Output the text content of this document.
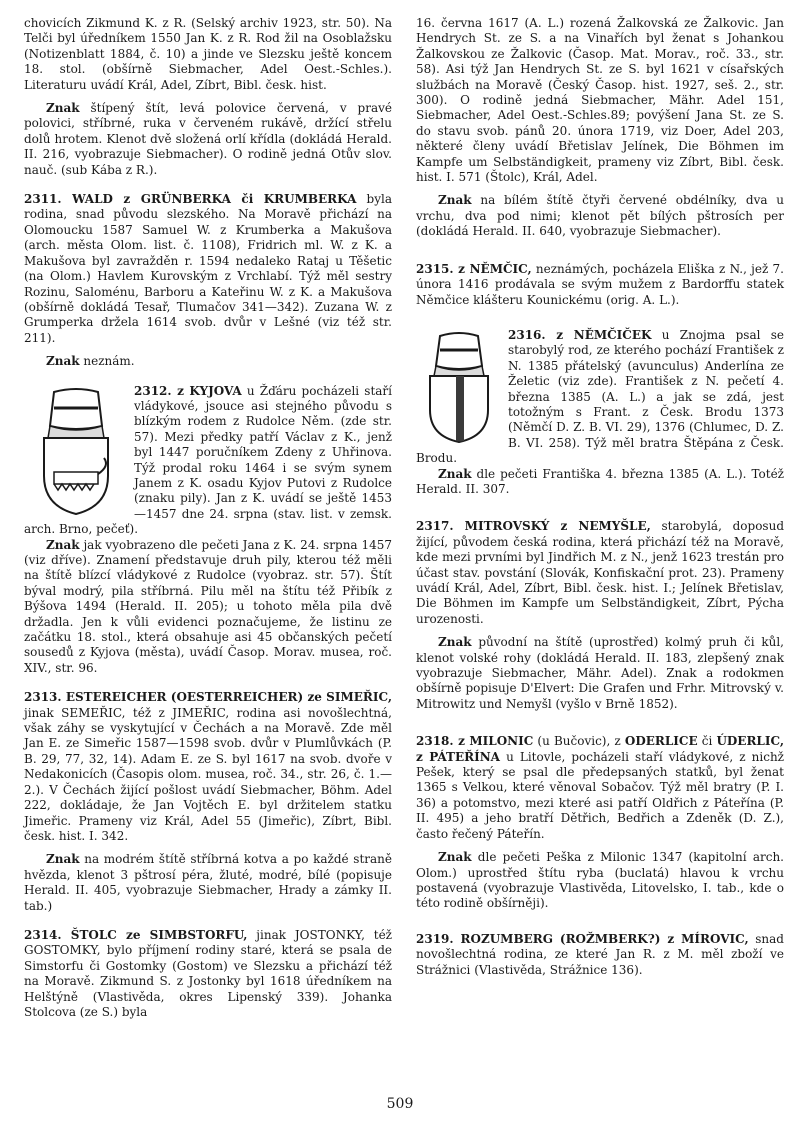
chovicích Zikmund K. z R. (Selský archiv 1923, str. 50). Na Telči byl úředníkem 1550 Jan K. z R. Rod žil na Osoblažsku (Notizenblatt 1884, č. 10) a jinde ve Slezsku ještě koncem 18. stol. (obšírně Siebmacher, Adel Oest.-Schles.). Literaturu uvádí Král, Adel, Zíbrt, Bibl. česk. hist.

Znak štípený štít, levá polovice červená, v pravé polovici, stříbrné, ruka v červeném rukávě, držící střelu dolů hrotem. Klenot dvě složená orlí křídla (dokládá Herald. II. 216, vyobrazuje Siebmacher). O rodině jedná Otův slov. nauč. (sub Kába z R.).

2311. WALD z GRÜNBERKA či KRUMBERKA byla rodina, snad původu slezského. Na Moravě přichází na Olomoucku 1587 Samuel W. z Krumberka a Makušova (arch. města Olom. list. č. 1108), Fridrich ml. W. z K. a Makušova byl zavražděn r. 1594 nedaleko Rataj u Těšetic (na Olom.) Havlem Kurovským z Vrchlabí. Týž měl sestry Rozinu, Saloménu, Barboru a Kateřinu W. z K. a Makušova (obšírně dokládá Tesař, Tlumačov 341—342). Zuzana W. z Grumperka držela 1614 svob. dvůr v Lešné (viz též str. 211).

Znak neznám.

2312. z KYJOVA u Žďáru pocházeli staří vládykové, jsouce asi stejného původu s blízkým rodem z Rudolce Něm. (zde str. 57). Mezi předky patří Václav z K., jenž byl 1447 poručníkem Zdeny z Uhřinova. Týž prodal roku 1464 i se svým synem Janem z K. osadu Kyjov Putovi z Rudolce (znaku pily). Jan z K. uvádí se ještě 1453—1457 dne 24. srpna (stav. list. v zemsk. arch. Brno, pečeť).

Znak jak vyobrazeno dle pečeti Jana z K. 24. srpna 1457 (viz dříve). Znamení představuje druh pily, kterou též měli na štítě blízcí vládykové z Rudolce (vyobraz. str. 57). Štít býval modrý, pila stříbrná. Pilu měl na štítu též Přibík z Býšova 1494 (Herald. II. 205); u tohoto měla pila dvě držadla. Jen k vůli evidenci poznačujeme, že listinu ze začátku 18. stol., která obsahuje asi 45 občanských pečetí sousedů z Kyjova (města), uvádí Časop. Morav. musea, roč. XIV., str. 96.

2313. ESTEREICHER (OESTERREICHER) ze SIMEŘIC, jinak SEMEŘIC, též z JIMEŘIC, rodina asi novošlechtná, však záhy se vyskytující v Čechách a na Moravě. Zde měl Jan E. ze Simeřic 1587—1598 svob. dvůr v Plumlůvkách (P. B. 29, 77, 32, 14). Adam E. ze S. byl 1617 na svob. dvoře v Nedakonicích (Časopis olom. musea, roč. 34., str. 26, č. 1.—2.). V Čechách žijící pošlost uvádí Siebmacher, Böhm. Adel 222, dokládaje, že Jan Vojtěch E. byl držitelem statku Jimeřic. Prameny viz Král, Adel 55 (Jimeřic), Zíbrt, Bibl. česk. hist. I. 342.

Znak na modrém štítě stříbrná kotva a po každé straně hvězda, klenot 3 pštrosí péra, žluté, modré, bílé (popisuje Herald. II. 405, vyobrazuje Siebmacher, Hrady a zámky II. tab.)

2314. ŠTOLC ze SIMBSTORFU, jinak JOSTONKY, též GOSTOMKY, bylo příjmení rodiny staré, která se psala de Simstorfu či Gostomky (Gostom) ve Slezsku a přichází též na Moravě. Zikmund S. z Jostonky byl 1618 úředníkem na Helštýně (Vlastivěda, okres Lipenský 339). Johanka Stolcova (ze S.) byla

16. června 1617 (A. L.) rozená Žalkovská ze Žalkovic. Jan Hendrych St. ze S. a na Vinařích byl ženat s Johankou Žalkovskou ze Žalkovic (Časop. Mat. Morav., roč. 33., str. 58). Asi týž Jan Hendrych St. ze S. byl 1621 v císařských službách na Moravě (Český Časop. hist. 1927, seš. 2., str. 300). O rodině jedná Siebmacher, Mähr. Adel 151, Siebmacher, Adel Oest.-Schles.89; povýšení Jana St. ze S. do stavu svob. pánů 20. února 1719, viz Doer, Adel 203, některé členy uvádí Břetislav Jelínek, Die Böhmen im Kampfe um Selbständigkeit, prameny viz Zíbrt, Bibl. česk. hist. I. 571 (Štolc), Král, Adel.

Znak na bílém štítě čtyři červené obdélníky, dva u vrchu, dva pod nimi; klenot pět bílých pštrosích per (dokládá Herald. II. 640, vyobrazuje Siebmacher).

2315. z NĚMČIC, neznámých, pocházela Eliška z N., jež 7. února 1416 prodávala se svým mužem z Bardorffu statek Němčice klášteru Kounickému (orig. A. L.).

2316. z NĚMČIČEK u Znojma psal se starobylý rod, ze kterého pochází František z N. 1385 přátelský (avunculus) Anderlína ze Želetic (viz zde). František z N. pečetí 4. března 1385 (A. L.) a jak se zdá, jest totožným s Frant. z Česk. Brodu 1373 (Němčí D. Z. B. VI. 29), 1376 (Chlumec, D. Z. B. VI. 258). Týž měl bratra Štěpána z Česk. Brodu.

Znak dle pečeti Františka 4. března 1385 (A. L.). Totéž Herald. II. 307.

2317. MITROVSKÝ z NEMYŠLE, starobylá, doposud žijící, původem česká rodina, která přichází též na Moravě, kde mezi prvními byl Jindřich M. z N., jenž 1623 trestán pro účast stav. povstání (Slovák, Konfiskační prot. 23). Prameny uvádí Král, Adel, Zíbrt, Bibl. česk. hist. I.; Jelínek Břetislav, Die Böhmen im Kampfe um Selbständigkeit, Zíbrt, Pýcha urozenosti.

Znak původní na štítě (uprostřed) kolmý pruh či kůl, klenot volské rohy (dokládá Herald. II. 183, zlepšený znak vyobrazuje Siebmacher, Mähr. Adel). Znak a rodokmen obšírně popisuje D'Elvert: Die Grafen und Frhr. Mitrovský v. Mitrowitz und Nemyšl (vyšlo v Brně 1852).

2318. z MILONIC (u Bučovic), z ODERLICE či ÚDERLIC, z PÁTEŘÍNA u Litovle, pocházeli staří vládykové, z nichž Pešek, který se psal dle předepsaných statků, byl ženat 1365 s Velkou, které věnoval Sobačov. Týž měl bratry (P. I. 36) a potomstvo, mezi které asi patří Oldřich z Páteřína (P. II. 495) a jeho bratří Dětřich, Bedřich a Zdeněk (D. Z.), často řečený Páteřín.

Znak dle pečeti Peška z Milonic 1347 (kapitolní arch. Olom.) uprostřed štítu ryba (buclatá) hlavou k vrchu postavená (vyobrazuje Vlastivěda, Litovelsko, I. tab., kde o této rodině obšírněji).

2319. ROZUMBERG (ROŽMBERK?) z MÍROVIC, snad novošlechtná rodina, ze které Jan R. z M. měl zboží ve Strážnici (Vlastivěda, Strážnice 136).

509
